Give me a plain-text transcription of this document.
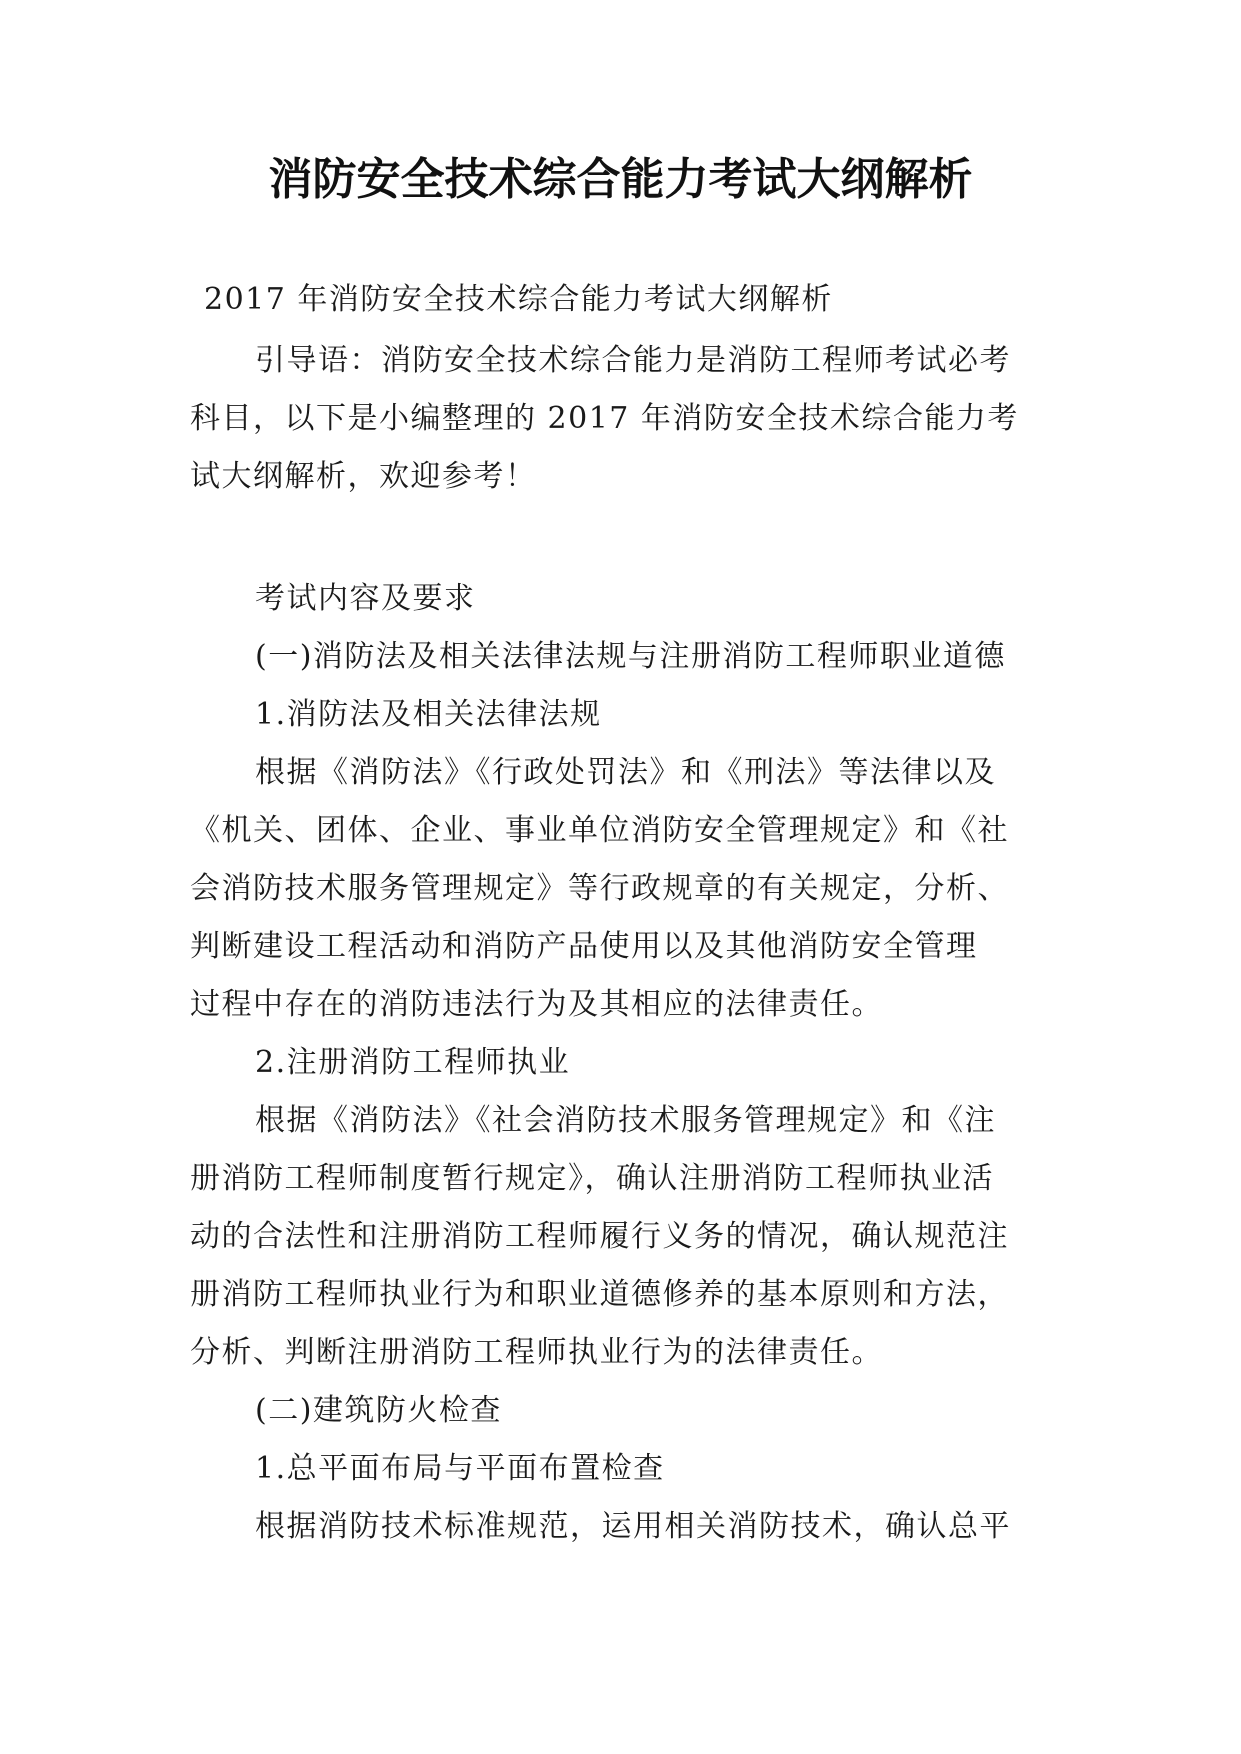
消防安全技术综合能力考试大纲解析
2017 年消防安全技术综合能力考试大纲解析
引导语：消防安全技术综合能力是消防工程师考试必考
科目，以下是小编整理的 2017 年消防安全技术综合能力考
试大纲解析，欢迎参考！
考试内容及要求
(一)消防法及相关法律法规与注册消防工程师职业道德
1.消防法及相关法律法规
根据《消防法》《行政处罚法》和《刑法》等法律以及
《机关、团体、企业、事业单位消防安全管理规定》和《社
会消防技术服务管理规定》等行政规章的有关规定，分析、
判断建设工程活动和消防产品使用以及其他消防安全管理
过程中存在的消防违法行为及其相应的法律责任。
2.注册消防工程师执业
根据《消防法》《社会消防技术服务管理规定》和《注
册消防工程师制度暂行规定》，确认注册消防工程师执业活
动的合法性和注册消防工程师履行义务的情况，确认规范注
册消防工程师执业行为和职业道德修养的基本原则和方法，
分析、判断注册消防工程师执业行为的法律责任。
(二)建筑防火检查
1.总平面布局与平面布置检查
根据消防技术标准规范，运用相关消防技术，确认总平
